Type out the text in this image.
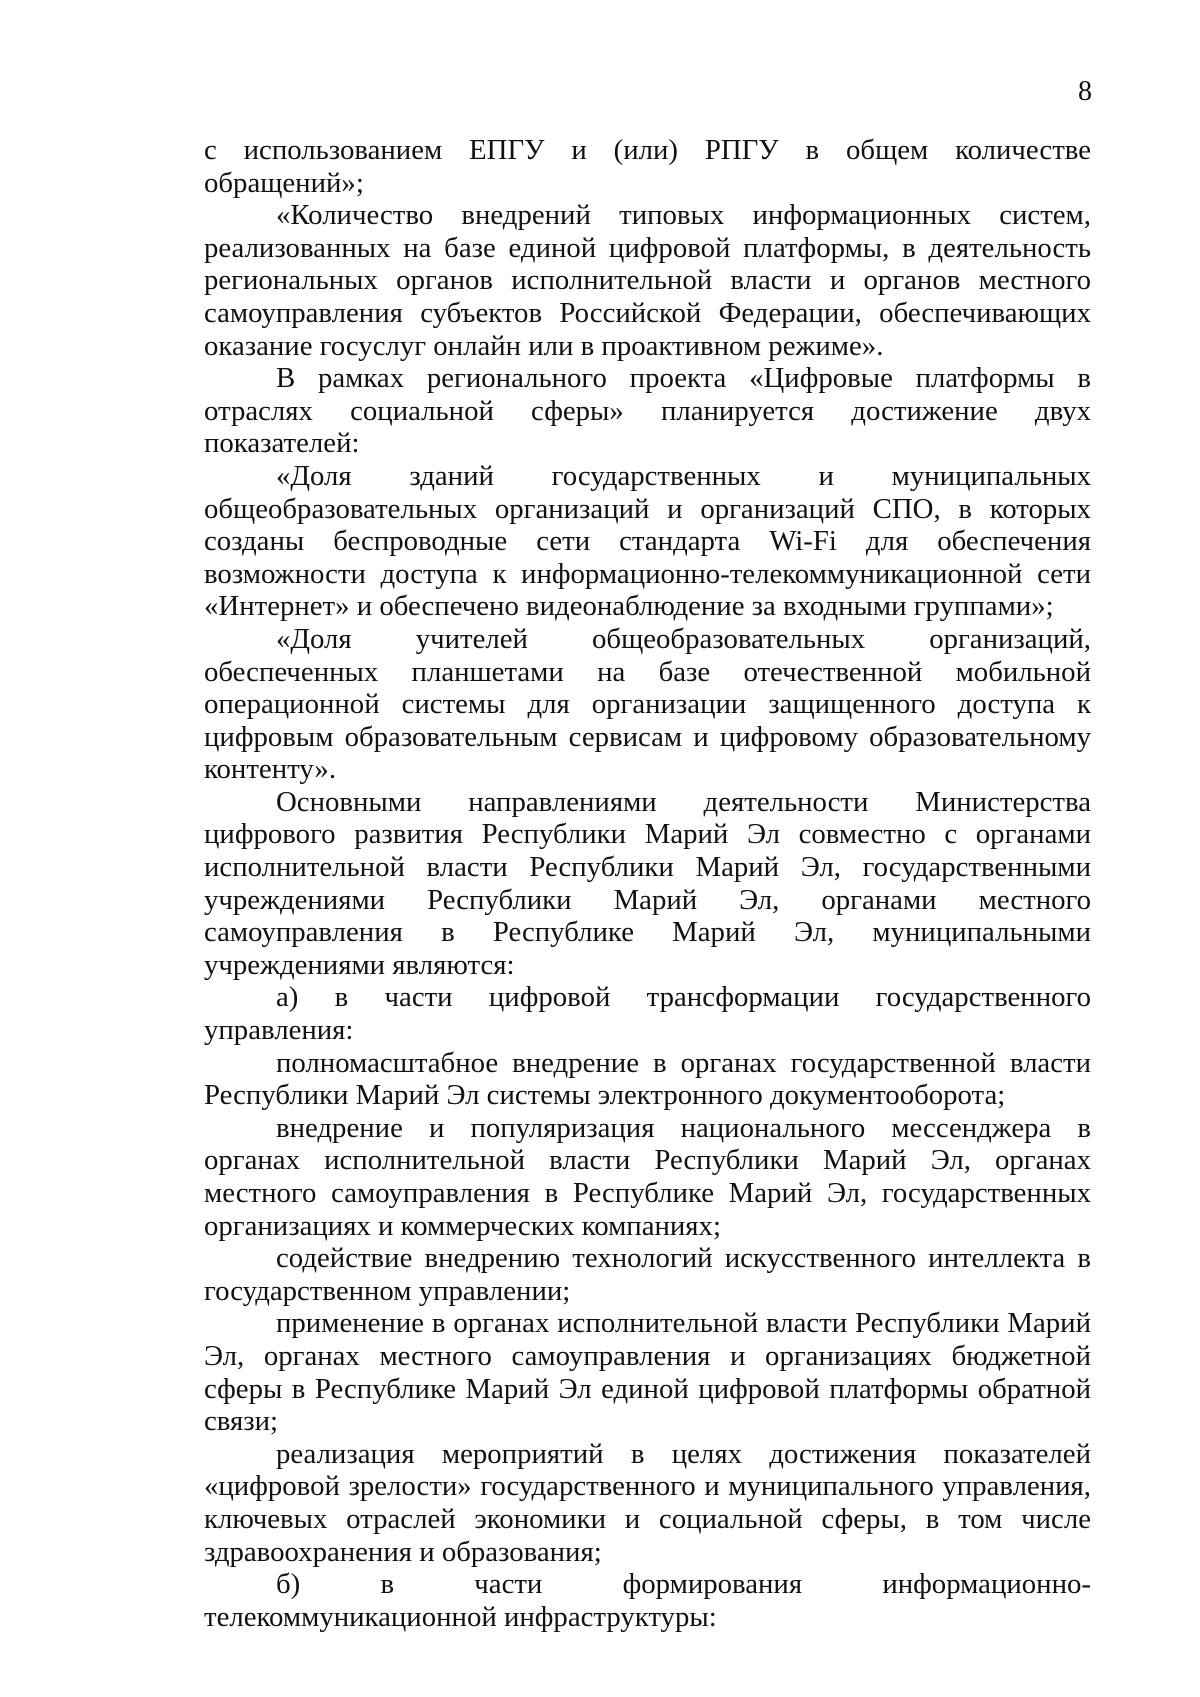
8

с использованием ЕПГУ и (или) РПГУ в общем количестве обращений»;

«Количество внедрений типовых информационных систем, реализованных на базе единой цифровой платформы, в деятельность региональных органов исполнительной власти и органов местного самоуправления субъектов Российской Федерации, обеспечивающих оказание госуслуг онлайн или в проактивном режиме».

В рамках регионального проекта «Цифровые платформы в отраслях социальной сферы» планируется достижение двух показателей:

«Доля зданий государственных и муниципальных общеобразовательных организаций и организаций СПО, в которых созданы беспроводные сети стандарта Wi-Fi для обеспечения возможности доступа к информационно-телекоммуникационной сети «Интернет» и обеспечено видеонаблюдение за входными группами»;

«Доля учителей общеобразовательных организаций, обеспеченных планшетами на базе отечественной мобильной операционной системы для организации защищенного доступа к цифровым образовательным сервисам и цифровому образовательному контенту».

Основными направлениями деятельности Министерства цифрового развития Республики Марий Эл совместно с органами исполнительной власти Республики Марий Эл, государственными учреждениями Республики Марий Эл, органами местного самоуправления в Республике Марий Эл, муниципальными учреждениями являются:

а) в части цифровой трансформации государственного управления:

полномасштабное внедрение в органах государственной власти Республики Марий Эл системы электронного документооборота;

внедрение и популяризация национального мессенджера в органах исполнительной власти Республики Марий Эл, органах местного самоуправления в Республике Марий Эл, государственных организациях и коммерческих компаниях;

содействие внедрению технологий искусственного интеллекта в государственном управлении;

применение в органах исполнительной власти Республики Марий Эл, органах местного самоуправления и организациях бюджетной сферы в Республике Марий Эл единой цифровой платформы обратной связи;

реализация мероприятий в целях достижения показателей «цифровой зрелости» государственного и муниципального управления, ключевых отраслей экономики и социальной сферы, в том числе здравоохранения и образования;

б) в части формирования информационно-телекоммуникационной инфраструктуры:
